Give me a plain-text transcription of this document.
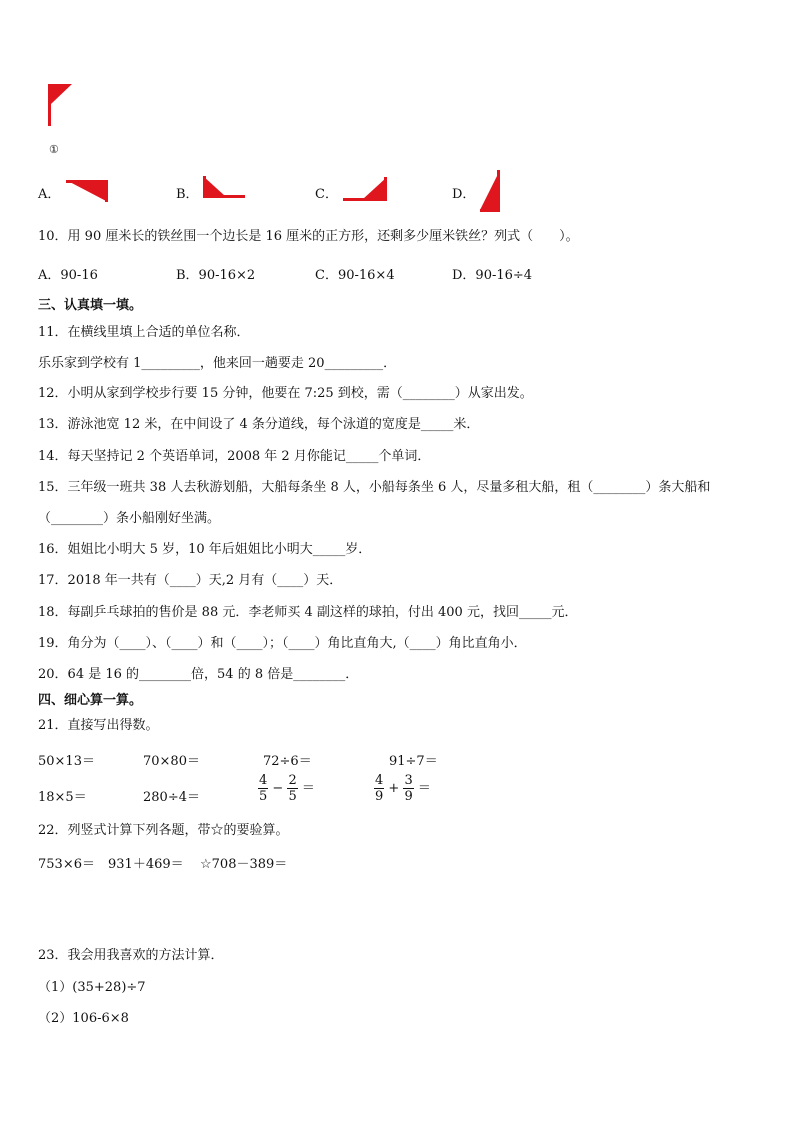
①
A．	B．	C．	D．
10．用 90 厘米长的铁丝围一个边长是 16 厘米的正方形，还剩多少厘米铁丝？列式（　　）。
A．90-16	B．90-16×2	C．90-16×4	D．90-16÷4
三、认真填一填。
11．在横线里填上合适的单位名称．
乐乐家到学校有 1_________，他来回一趟要走 20_________．
12．小明从家到学校步行要 15 分钟，他要在 7:25 到校，需（________）从家出发。
13．游泳池宽 12 米，在中间设了 4 条分道线，每个泳道的宽度是_____米．
14．每天坚持记 2 个英语单词，2008 年 2 月你能记_____个单词．
15．三年级一班共 38 人去秋游划船，大船每条坐 8 人，小船每条坐 6 人，尽量多租大船，租（________）条大船和
（________）条小船刚好坐满。
16．姐姐比小明大 5 岁，10 年后姐姐比小明大_____岁．
17．2018 年一共有（____）天,2 月有（____）天．
18．每副乒乓球拍的售价是 88 元．李老师买 4 副这样的球拍，付出 400 元，找回_____元．
19．角分为（____）、（____）和（____）；（____）角比直角大,（____）角比直角小．
20．64 是 16 的________倍，54 的 8 倍是________．
四、细心算一算。
21．直接写出得数。
50×13＝	70×80＝	72÷6＝	91÷7＝
18×5＝	280÷4＝	$\frac{4}{5} - \frac{2}{5}$ ＝	$\frac{4}{9} + \frac{3}{9}$ ＝
22．列竖式计算下列各题，带☆的要验算。
753×6＝ 931＋469＝ ☆708－389＝
23．我会用我喜欢的方法计算．
（1）(35+28)÷7
（2）106-6×8
